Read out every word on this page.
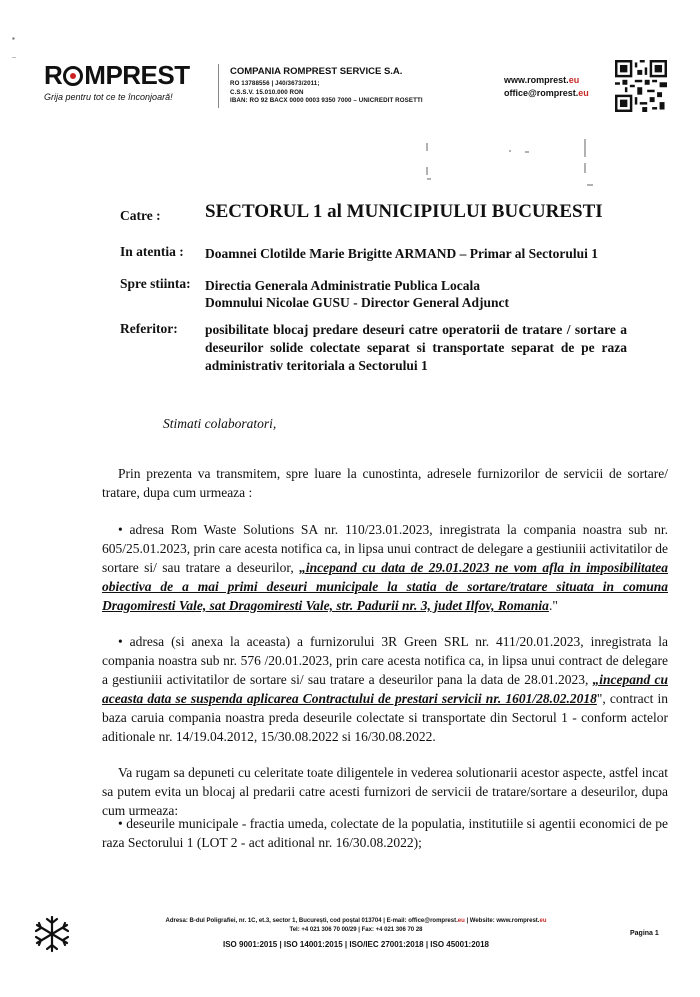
▪
–
R MPREST
Grija pentru tot ce te înconjoară!
COMPANIA ROMPREST SERVICE S.A.
RO 13788556 | J40/3673/2011;
C.S.S.V. 15.010.000 RON
IBAN: RO 92 BACX 0000 0003 9350 7000 – UNICREDIT ROSETTI
www.romprest.eu
office@romprest.eu
Catre : SECTORUL 1 al MUNICIPIULUI BUCURESTI
In atentia : Doamnei Clotilde Marie Brigitte ARMAND – Primar al Sectorului 1
Spre stiinta: Directia Generala Administratie Publica Locala
Domnului Nicolae GUSU - Director General Adjunct
Referitor: posibilitate blocaj predare deseuri catre operatorii de tratare / sortare a deseurilor solide colectate separat si transportate separat de pe raza administrativ teritoriala a Sectorului 1
Stimati colaboratori,
Prin prezenta va transmitem, spre luare la cunostinta, adresele furnizorilor de servicii de sortare/ tratare, dupa cum urmeaza :
• adresa Rom Waste Solutions SA nr. 110/23.01.2023, inregistrata la compania noastra sub nr. 605/25.01.2023, prin care acesta notifica ca, in lipsa unui contract de delegare a gestiuniii activitatilor de sortare si/ sau tratare a deseurilor, „incepand cu data de 29.01.2023 ne vom afla in imposibilitatea obiectiva de a mai primi deseuri municipale la statia de sortare/tratare situata in comuna Dragomiresti Vale, sat Dragomiresti Vale, str. Padurii nr. 3, judet Ilfov, Romania."
• adresa (si anexa la aceasta) a furnizorului 3R Green SRL nr. 411/20.01.2023, inregistrata la compania noastra sub nr. 576 /20.01.2023, prin care acesta notifica ca, in lipsa unui contract de delegare a gestiuniii activitatilor de sortare si/ sau tratare a deseurilor pana la data de 28.01.2023, „incepand cu aceasta data se suspenda aplicarea Contractului de prestari servicii nr. 1601/28.02.2018", contract in baza caruia compania noastra preda deseurile colectate si transportate din Sectorul 1 - conform actelor aditionale nr. 14/19.04.2012, 15/30.08.2022 si 16/30.08.2022.
Va rugam sa depuneti cu celeritate toate diligentele in vederea solutionarii acestor aspecte, astfel incat sa putem evita un blocaj al predarii catre acesti furnizori de servicii de tratare/sortare a deseurilor, dupa cum urmeaza:
• deseurile municipale - fractia umeda, colectate de la populatia, institutiile si agentii economici de pe raza Sectorului 1 (LOT 2 - act aditional nr. 16/30.08.2022);
Adresa: B-dul Poligrafiei, nr. 1C, et.3, sector 1, București, cod poștal 013704 | E-mail: office@romprest.eu | Website: www.romprest.eu
Tel: +4 021 306 70 00/29 | Fax: +4 021 306 70 28
ISO 9001:2015 | ISO 14001:2015 | ISO/IEC 27001:2018 | ISO 45001:2018
Pagina 1
